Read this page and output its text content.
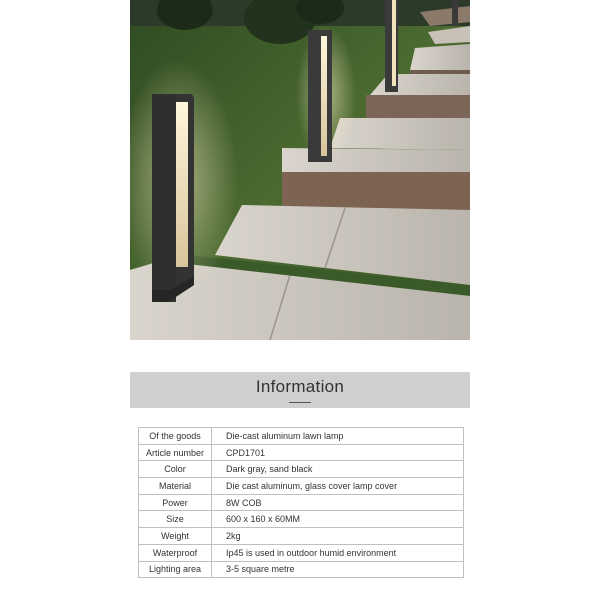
Information
Of the goods	Die-cast aluminum lawn lamp
Article number	CPD1701
Color	Dark gray, sand black
Material	Die cast aluminum, glass cover lamp cover
Power	8W COB
Size	600 x 160 x 60MM
Weight	2kg
Waterproof	Ip45 is used in outdoor humid environment
Lighting area	3-5 square metre
